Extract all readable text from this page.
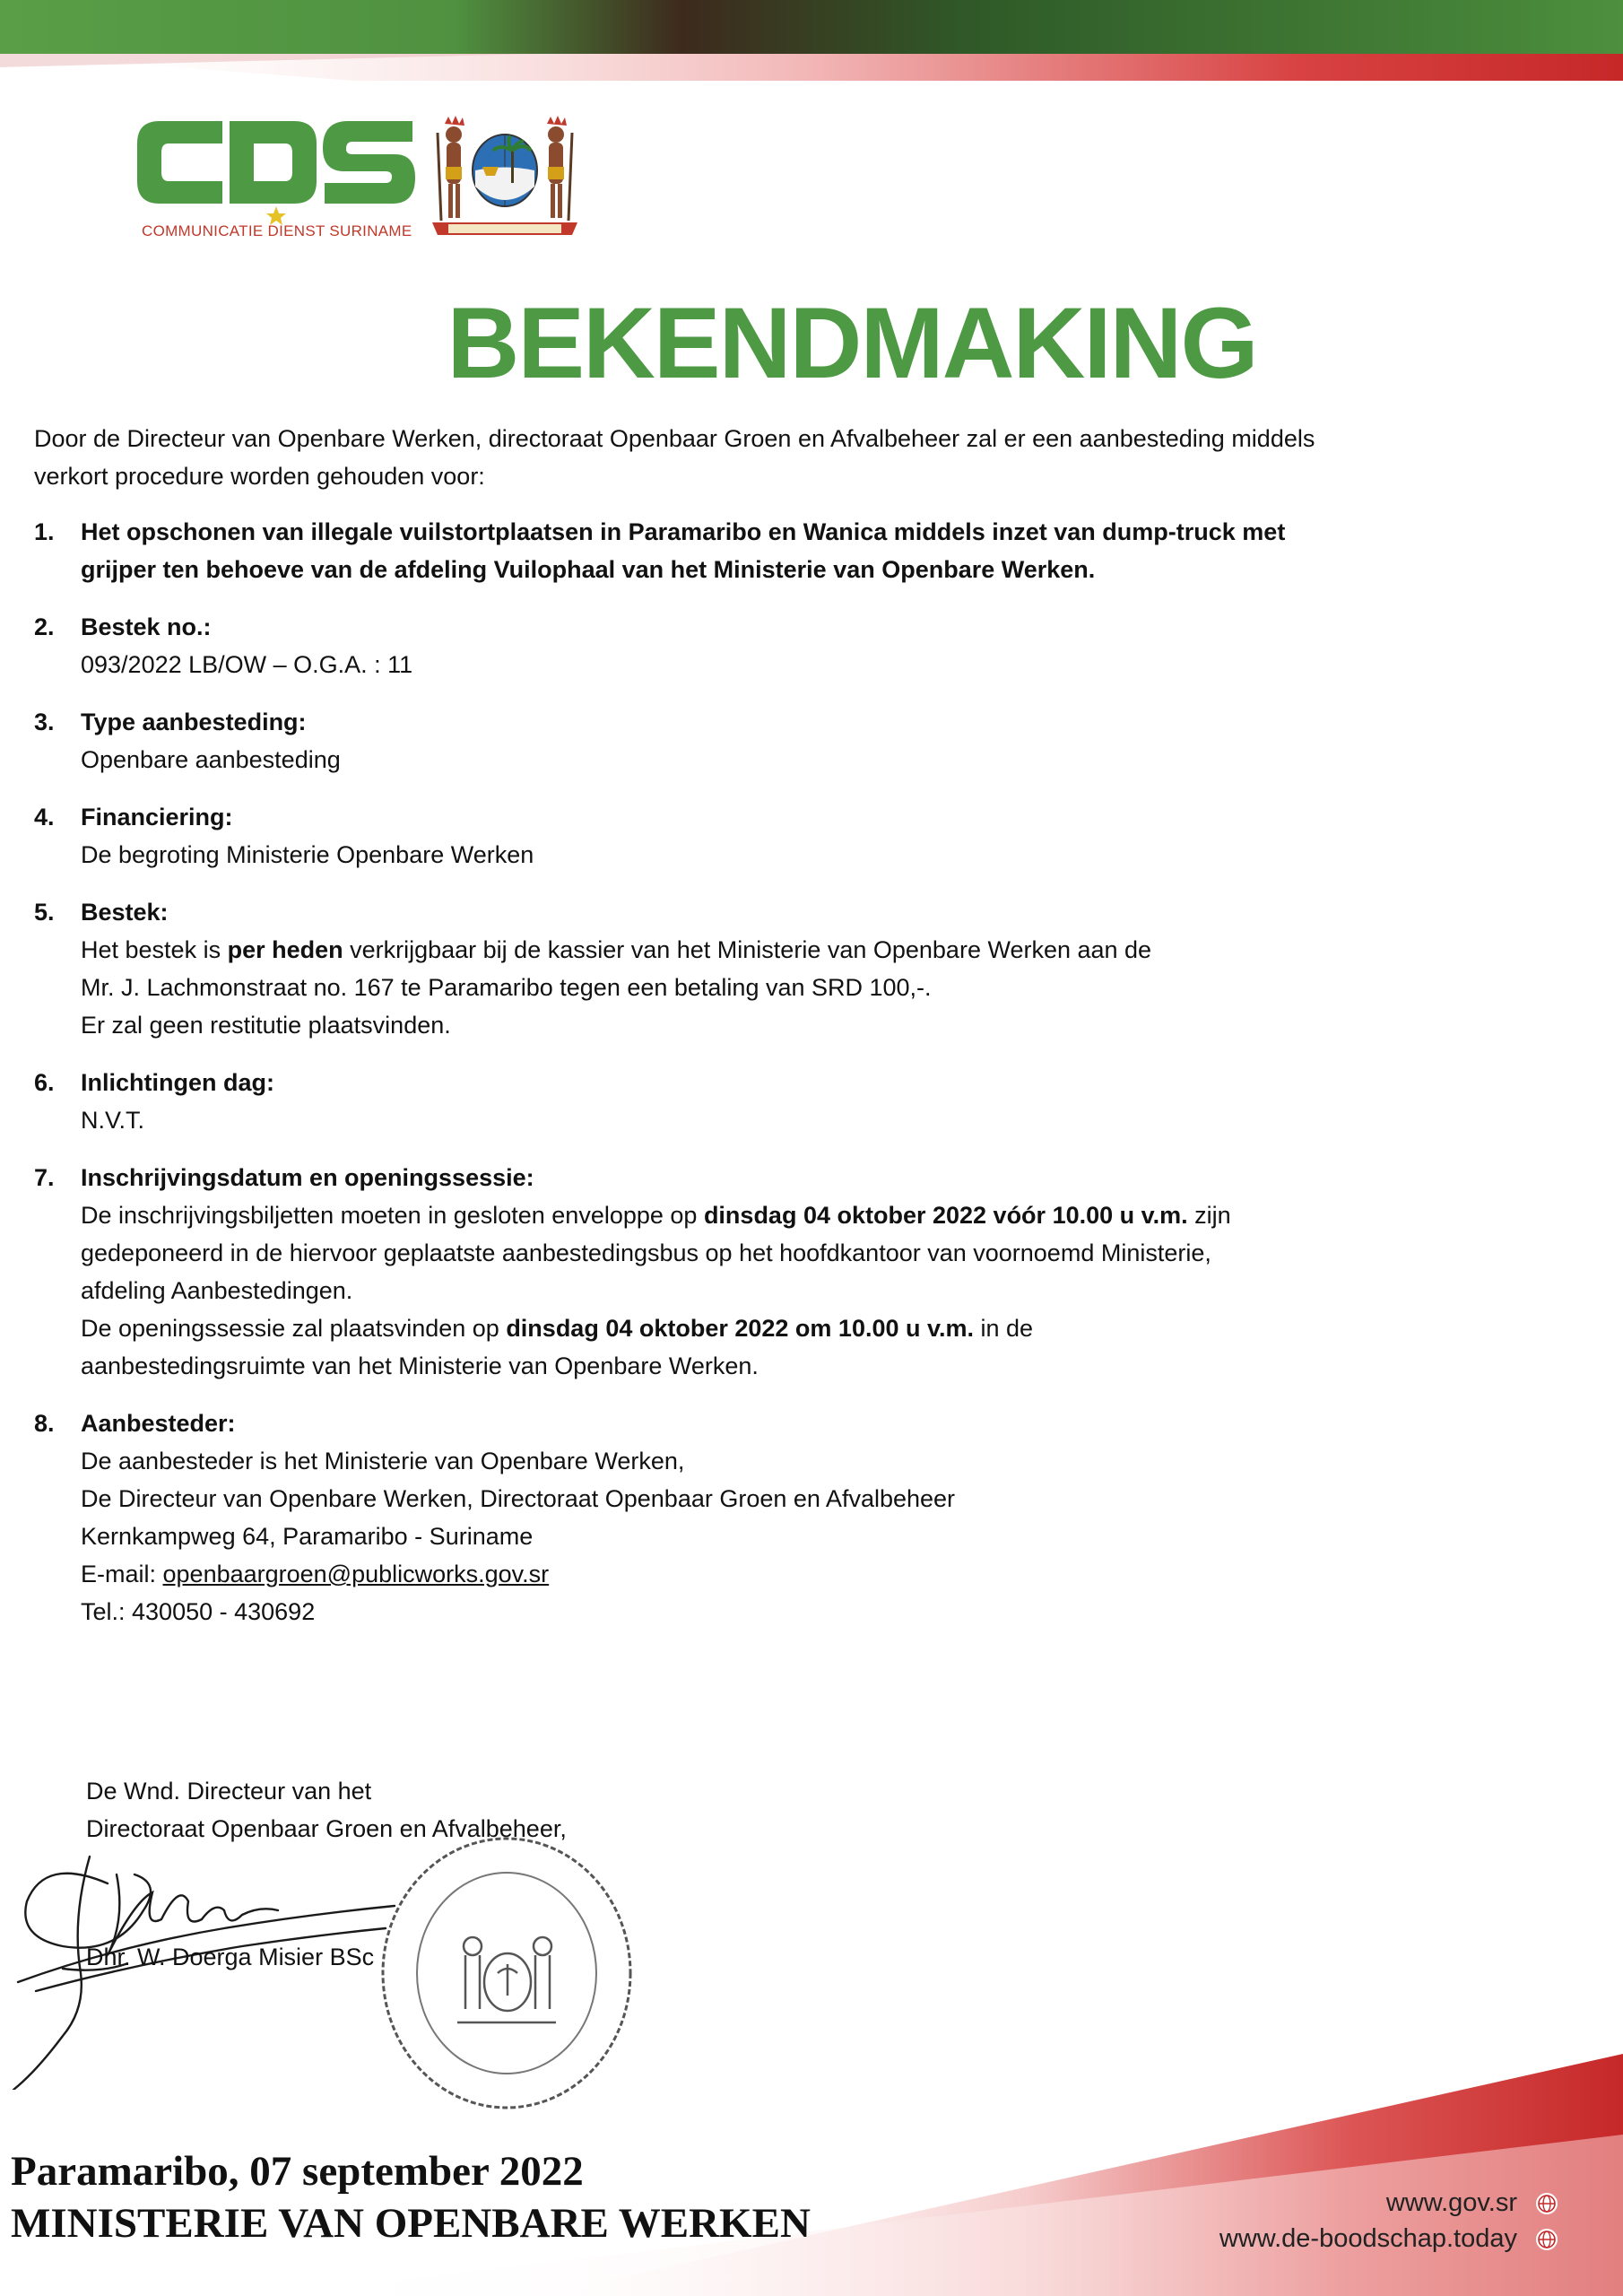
COMMUNICATIE DIENST SURINAME
BEKENDMAKING

Door de Directeur van Openbare Werken, directoraat Openbaar Groen en Afvalbeheer zal er een aanbesteding middels verkort procedure worden gehouden voor:

1.	Het opschonen van illegale vuilstortplaatsen in Paramaribo en Wanica middels inzet van dump-truck met grijper ten behoeve van de afdeling Vuilophaal van het Ministerie van Openbare Werken.
2.	Bestek no.:
093/2022 LB/OW – O.G.A. : 11
3.	Type aanbesteding:
Openbare aanbesteding
4.	Financiering:
De begroting Ministerie Openbare Werken
5.	Bestek:
Het bestek is per heden verkrijgbaar bij de kassier van het Ministerie van Openbare Werken aan de
Mr. J. Lachmonstraat no. 167 te Paramaribo tegen een betaling van SRD 100,-.
Er zal geen restitutie plaatsvinden.
6.	Inlichtingen dag:
N.V.T.
7.	Inschrijvingsdatum en openingssessie:
De inschrijvingsbiljetten moeten in gesloten enveloppe op dinsdag 04 oktober 2022 vóór 10.00 u v.m. zijn
gedeponeerd in de hiervoor geplaatste aanbestedingsbus op het hoofdkantoor van voornoemd Ministerie,
afdeling Aanbestedingen.
De openingssessie zal plaatsvinden op dinsdag 04 oktober 2022 om 10.00 u v.m. in de
aanbestedingsruimte van het Ministerie van Openbare Werken.
8.	Aanbesteder:
De aanbesteder is het Ministerie van Openbare Werken,
De Directeur van Openbare Werken, Directoraat Openbaar Groen en Afvalbeheer
Kernkampweg 64, Paramaribo - Suriname
E-mail: openbaargroen@publicworks.gov.sr
Tel.: 430050 - 430692
De Wnd. Directeur van het
Directoraat Openbaar Groen en Afvalbeheer,
Dhr. W. Doerga Misier BSc
Paramaribo, 07 september 2022
MINISTERIE VAN OPENBARE WERKEN	www.gov.sr
www.de-boodschap.today
